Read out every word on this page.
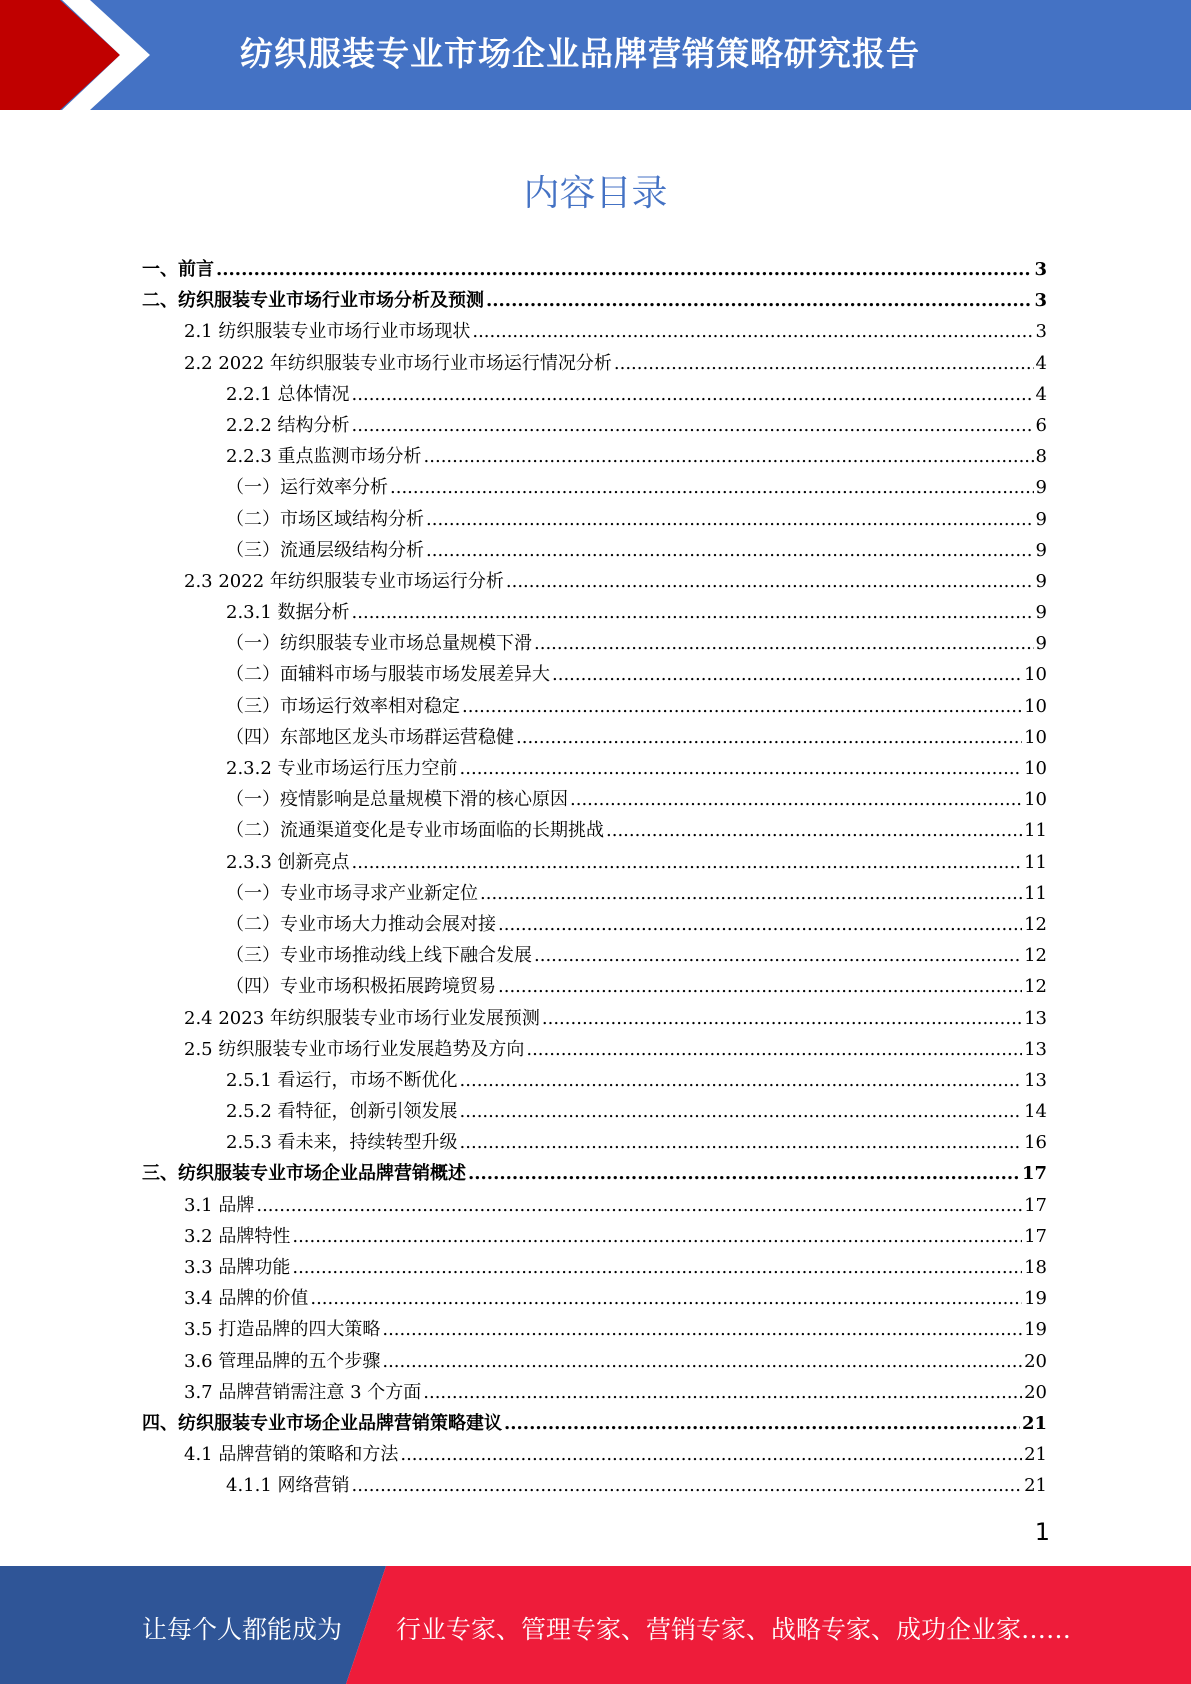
纺织服装专业市场企业品牌营销策略研究报告
内容目录
一、前言 .....	3
二、纺织服装专业市场行业市场分析及预测 .....	3
2.1 纺织服装专业市场行业市场现状 .....	3
2.2 2022 年纺织服装专业市场行业市场运行情况分析 .....	4
2.2.1 总体情况 .....	4
2.2.2 结构分析 .....	6
2.2.3 重点监测市场分析 .....	8
（一）运行效率分析 .....	9
（二）市场区域结构分析 .....	9
（三）流通层级结构分析 .....	9
2.3 2022 年纺织服装专业市场运行分析 .....	9
2.3.1 数据分析 .....	9
（一）纺织服装专业市场总量规模下滑 .....	9
（二）面辅料市场与服装市场发展差异大 .....	10
（三）市场运行效率相对稳定 .....	10
（四）东部地区龙头市场群运营稳健 .....	10
2.3.2 专业市场运行压力空前 .....	10
（一）疫情影响是总量规模下滑的核心原因 .....	10
（二）流通渠道变化是专业市场面临的长期挑战 .....	11
2.3.3 创新亮点 .....	11
（一）专业市场寻求产业新定位 .....	11
（二）专业市场大力推动会展对接 .....	12
（三）专业市场推动线上线下融合发展 .....	12
（四）专业市场积极拓展跨境贸易 .....	12
2.4 2023 年纺织服装专业市场行业发展预测 .....	13
2.5 纺织服装专业市场行业发展趋势及方向 .....	13
2.5.1 看运行，市场不断优化 .....	13
2.5.2 看特征，创新引领发展 .....	14
2.5.3 看未来，持续转型升级 .....	16
三、纺织服装专业市场企业品牌营销概述 .....	17
3.1 品牌 .....	17
3.2 品牌特性 .....	17
3.3 品牌功能 .....	18
3.4 品牌的价值 .....	19
3.5 打造品牌的四大策略 .....	19
3.6 管理品牌的五个步骤 .....	20
3.7 品牌营销需注意 3 个方面 .....	20
四、纺织服装专业市场企业品牌营销策略建议 .....	21
4.1 品牌营销的策略和方法 .....	21
4.1.1 网络营销 .....	21
1
让每个人都能成为 行业专家、管理专家、营销专家、战略专家、成功企业家……
